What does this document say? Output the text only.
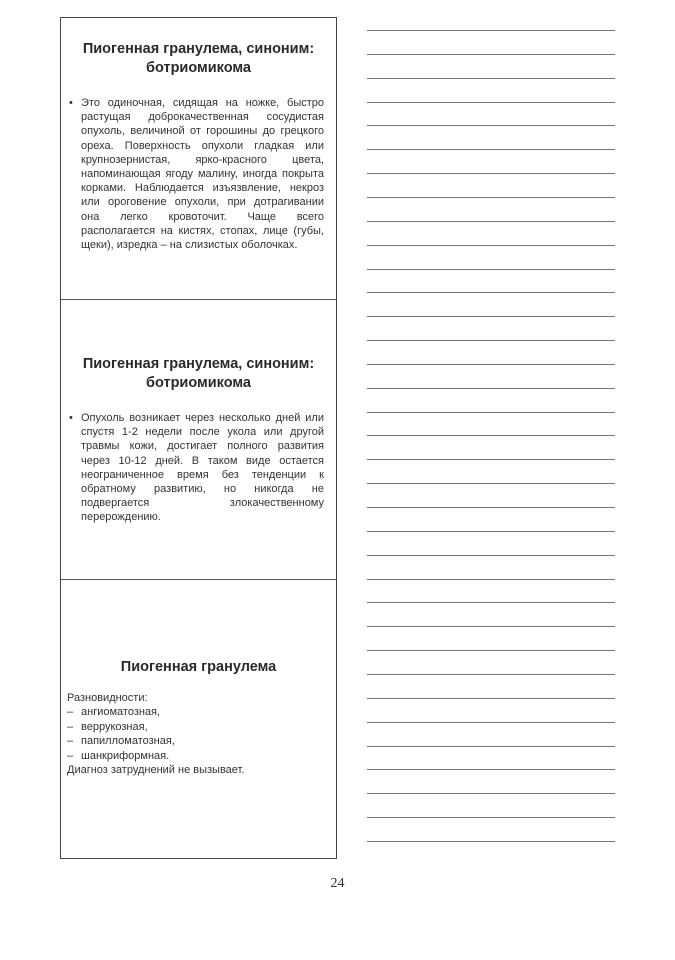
Пиогенная гранулема, синоним: ботриомикома
• Это одиночная, сидящая на ножке, быстро растущая доброкачественная сосудистая опухоль, величиной от горошины до грецкого ореха. Поверхность опухоли гладкая или крупнозернистая, ярко-красного цвета, напоминающая ягоду малину, иногда покрыта корками. Наблюдается изъязвление, некроз или ороговение опухоли, при дотрагивании она легко кровоточит. Чаще всего располагается на кистях, стопах, лице (губы, щеки), изредка – на слизистых оболочках.
Пиогенная гранулема, синоним: ботриомикома
• Опухоль возникает через несколько дней или спустя 1-2 недели после укола или другой травмы кожи, достигает полного развития через 10-12 дней. В таком виде остается неограниченное время без тенденции к обратному развитию, но никогда не подвергается злокачественному перерождению.
Пиогенная гранулема
Разновидности:
– ангиоматозная,
– веррукозная,
– папилломатозная,
– шанкриформная.
Диагноз затруднений не вызывает.
24
